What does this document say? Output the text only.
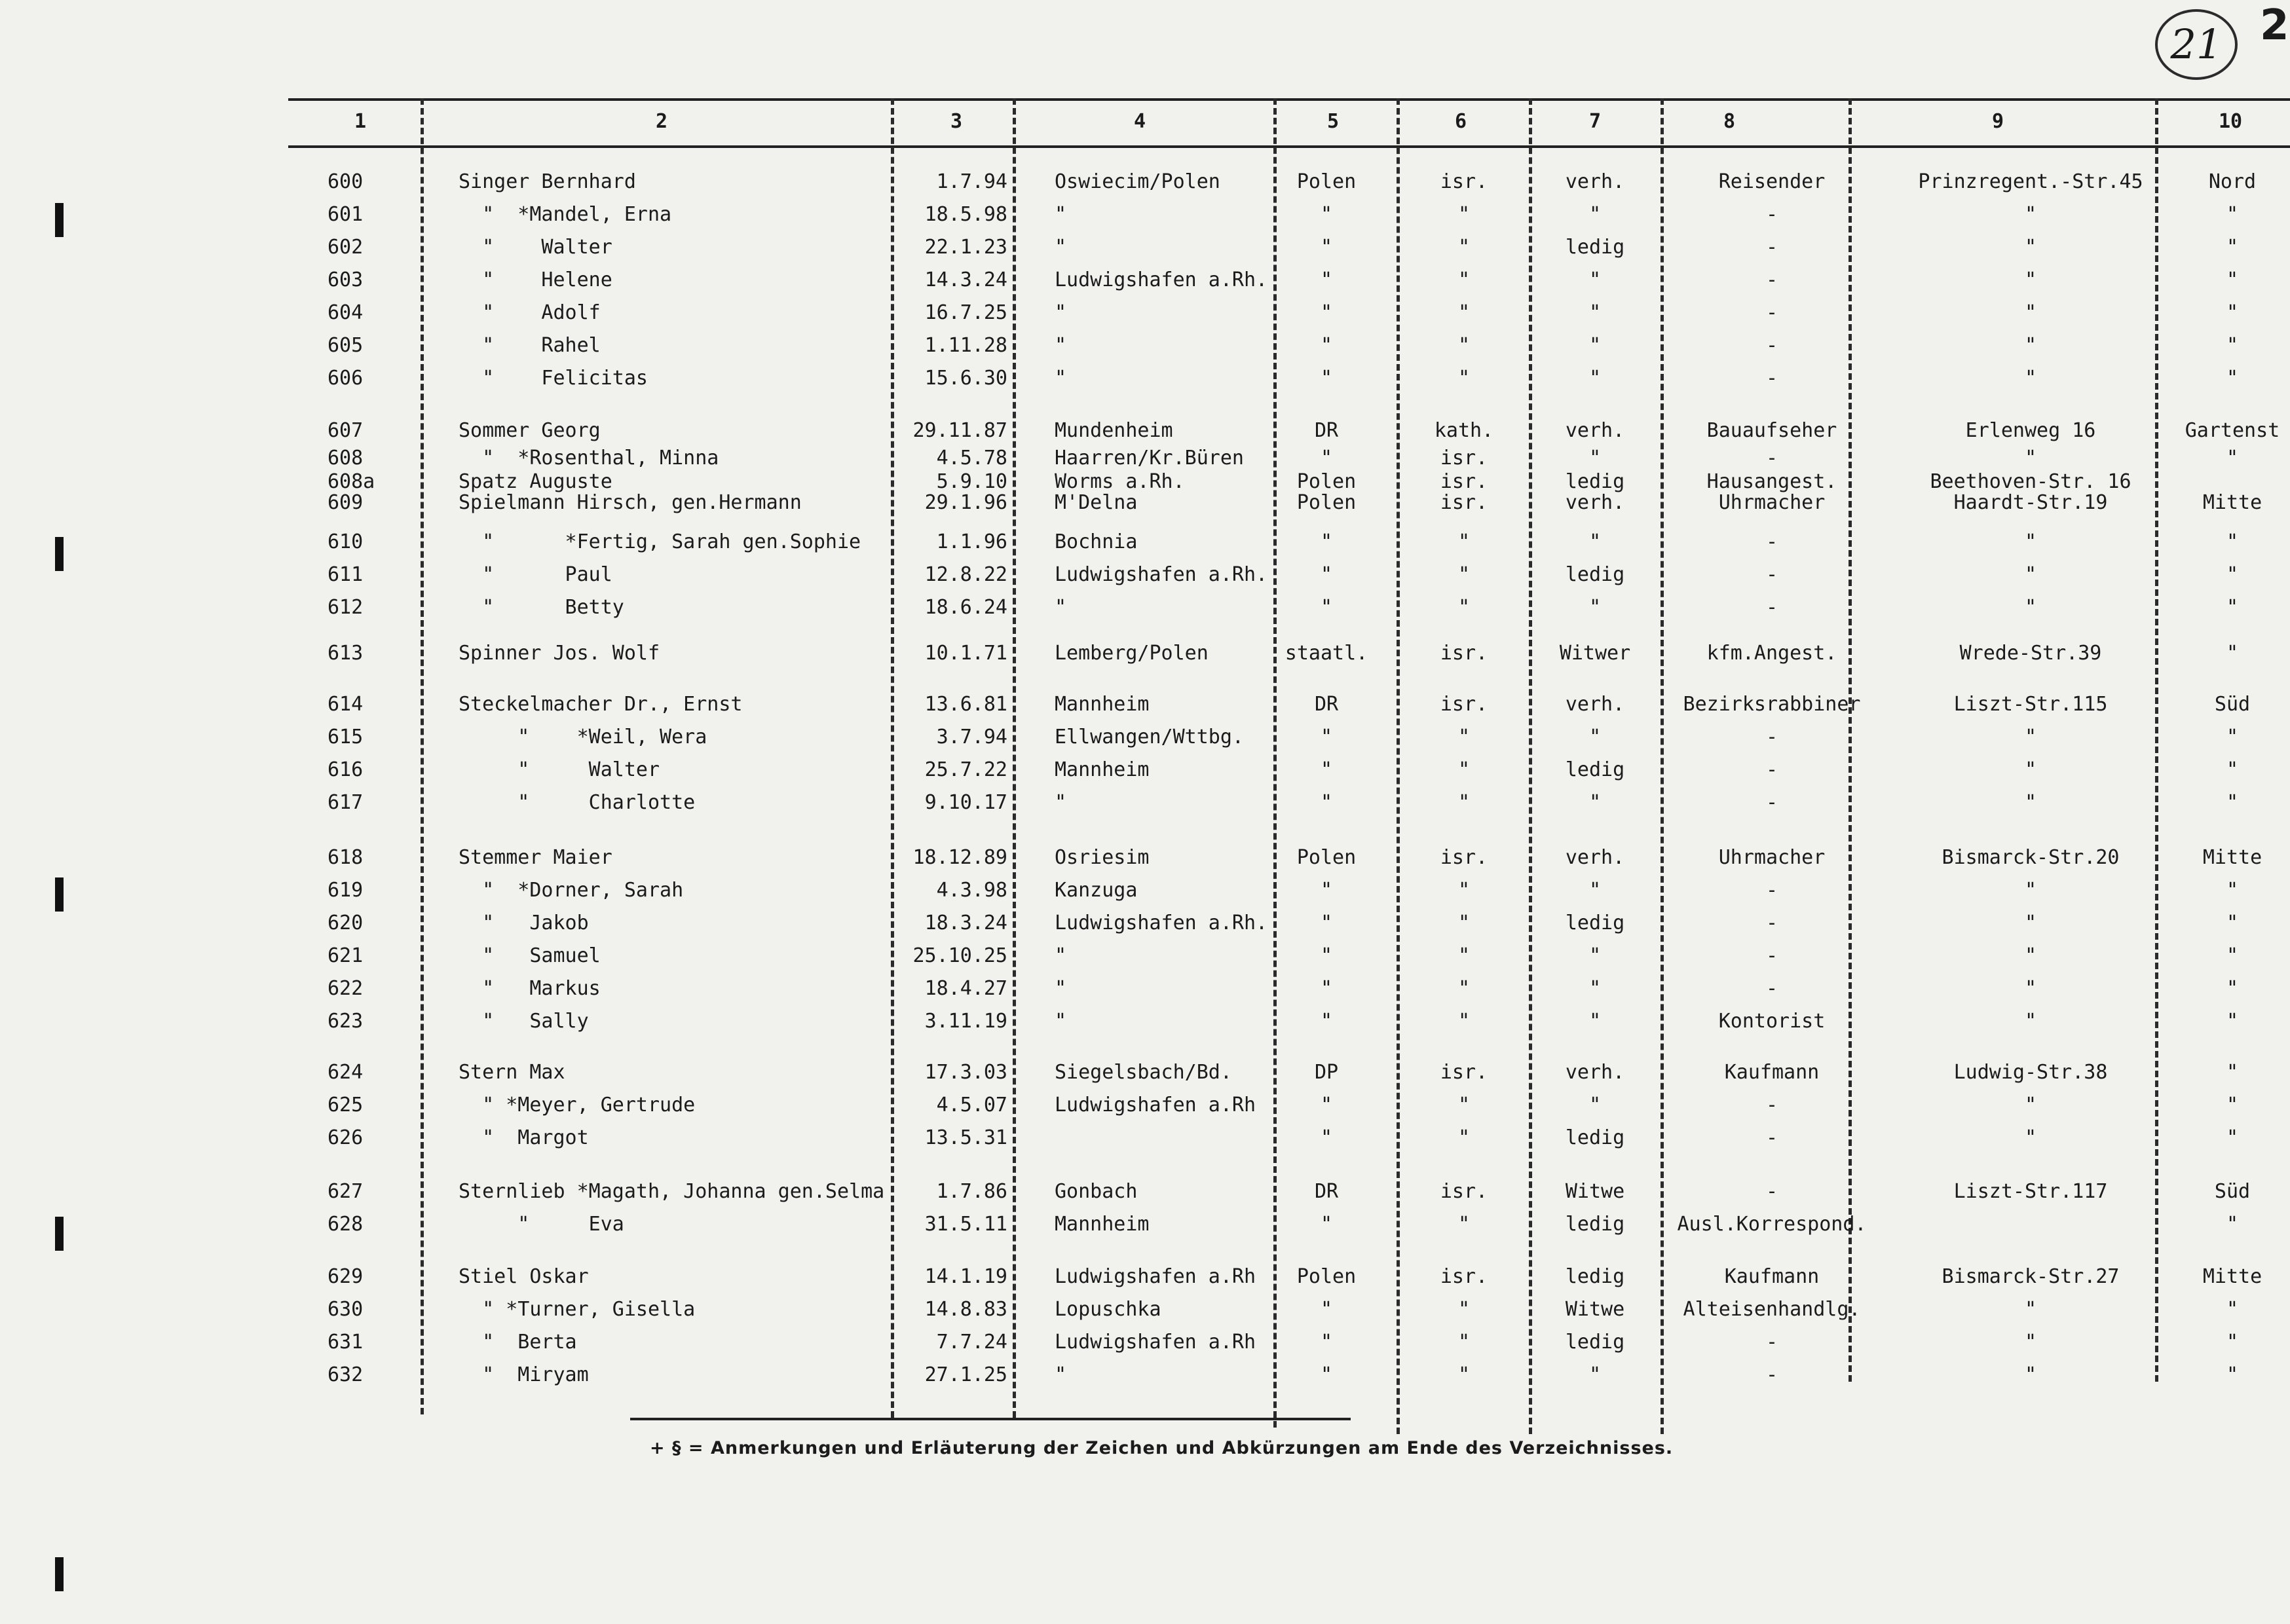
21 2
1	2	3	4	5	6	7	8	9	10
600	Singer Bernhard	1.7.94 Oswiecim/Polen	Polen	isr.	verh.	Reisender	Prinzregent.-Str.45	Nord
601	"  *Mandel, Erna	18.5.98 "	"	"	"	-	"	"
602	"    Walter	22.1.23 "	"	"	ledig	-	"	"
603	"    Helene	14.3.24 Ludwigshafen a.Rh.	"	"	"	-	"	"
604	"    Adolf	16.7.25 "	"	"	"	-	"	"
605	"    Rahel	1.11.28 "	"	"	"	-	"	"
606	"    Felicitas	15.6.30 "	"	"	"	-	"	"
607	Sommer Georg	29.11.87 Mundenheim	DR	kath.	verh.	Bauaufseher	Erlenweg 16	Gartenst
608	"  *Rosenthal, Minna	4.5.78 Haarren/Kr.Büren	"	isr.	"	-	"	"
608a	Spatz Auguste	5.9.10 Worms a.Rh.	Polen	isr.	ledig	Hausangest.	Beethoven-Str. 16
609	Spielmann Hirsch, gen.Hermann	29.1.96 M'Delna	Polen	isr.	verh.	Uhrmacher	Haardt-Str.19	Mitte
610	"      *Fertig, Sarah gen.Sophie	1.1.96 Bochnia	"	"	"	-	"	"
611	"      Paul	12.8.22 Ludwigshafen a.Rh.	"	"	ledig	-	"	"
612	"      Betty	18.6.24 "	"	"	"	-	"	"
613	Spinner Jos. Wolf	10.1.71 Lemberg/Polen	staatl.	isr.	Witwer	kfm.Angest.	Wrede-Str.39	"
614	Steckelmacher Dr., Ernst	13.6.81 Mannheim	DR	isr.	verh.	Bezirksrabbiner	Liszt-Str.115	Süd
615	"    *Weil, Wera	3.7.94 Ellwangen/Wttbg.	"	"	"	-	"	"
616	"     Walter	25.7.22 Mannheim	"	"	ledig	-	"	"
617	"     Charlotte	9.10.17 "	"	"	"	-	"	"
618	Stemmer Maier	18.12.89 Osriesim	Polen	isr.	verh.	Uhrmacher	Bismarck-Str.20	Mitte
619	"  *Dorner, Sarah	4.3.98 Kanzuga	"	"	"	-	"	"
620	"   Jakob	18.3.24 Ludwigshafen a.Rh.	"	"	ledig	-	"	"
621	"   Samuel	25.10.25 "	"	"	"	-	"	"
622	"   Markus	18.4.27 "	"	"	"	-	"	"
623	"   Sally	3.11.19 "	"	"	"	Kontorist	"	"
624	Stern Max	17.3.03 Siegelsbach/Bd.	DP	isr.	verh.	Kaufmann	Ludwig-Str.38	"
625	" *Meyer, Gertrude	4.5.07 Ludwigshafen a.Rh	"	"	"	-	"	"
626	"  Margot	13.5.31	"	"	ledig	-	"	"
627	Sternlieb *Magath, Johanna gen.Selma	1.7.86 Gonbach	DR	isr.	Witwe	-	Liszt-Str.117	Süd
628	"     Eva	31.5.11 Mannheim	"	"	ledig	Ausl.Korrespond.	"
629	Stiel Oskar	14.1.19 Ludwigshafen a.Rh	Polen	isr.	ledig	Kaufmann	Bismarck-Str.27	Mitte
630	" *Turner, Gisella	14.8.83 Lopuschka	"	"	Witwe	Alteisenhandlg.	"	"
631	"  Berta	7.7.24 Ludwigshafen a.Rh	"	"	ledig	-	"	"
632	"  Miryam	27.1.25 "	"	"	"	-	"	"
+ § = Anmerkungen und Erläuterung der Zeichen und Abkürzungen am Ende des Verzeichnisses.
